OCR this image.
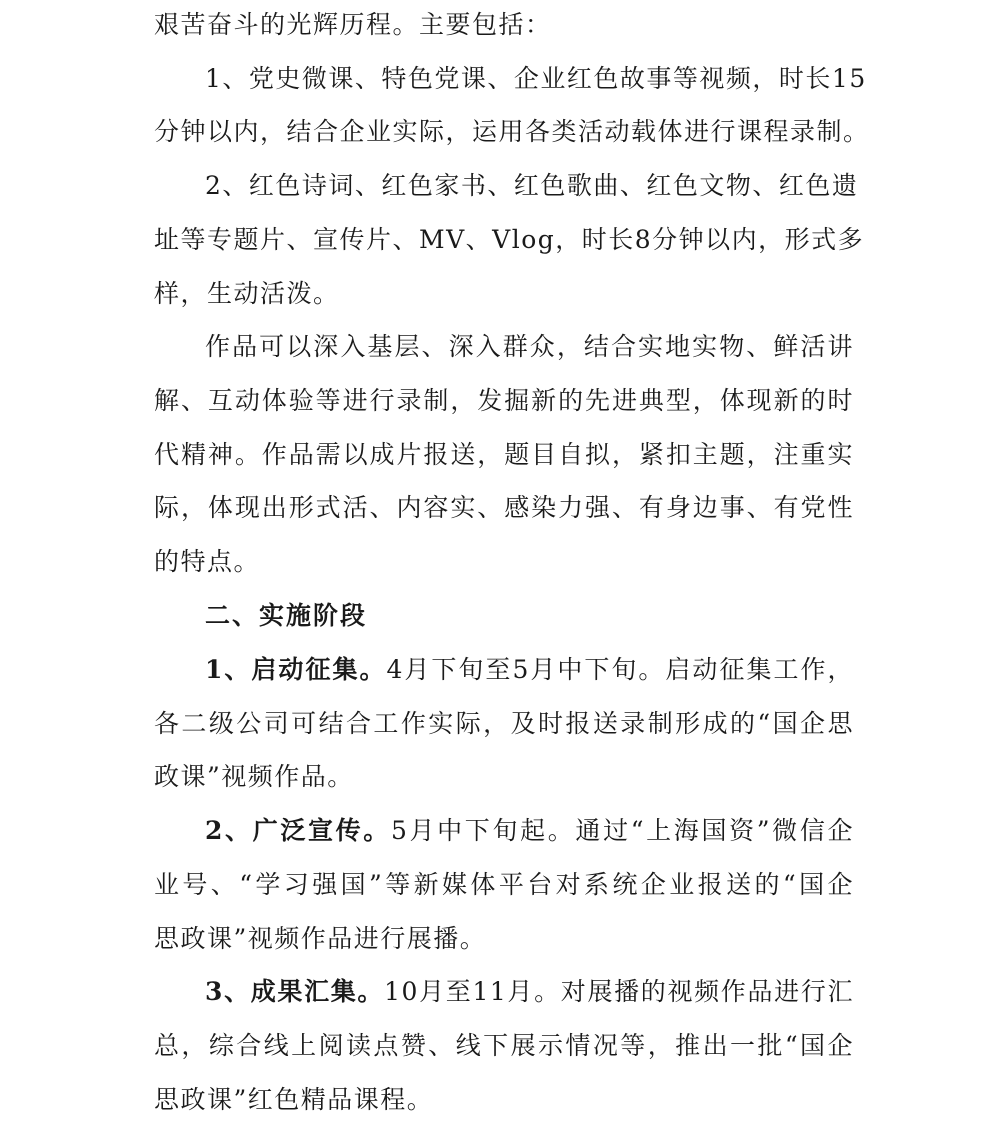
艰苦奋斗的光辉历程。主要包括：
1、党史微课、特色党课、企业红色故事等视频，时长15
分钟以内，结合企业实际，运用各类活动载体进行课程录制。
2、红色诗词、红色家书、红色歌曲、红色文物、红色遗
址等专题片、宣传片、MV、Vlog，时长8分钟以内，形式多
样，生动活泼。
作品可以深入基层、深入群众，结合实地实物、鲜活讲
解、互动体验等进行录制，发掘新的先进典型，体现新的时
代精神。作品需以成片报送，题目自拟，紧扣主题，注重实
际，体现出形式活、内容实、感染力强、有身边事、有党性
的特点。
二、实施阶段
1、启动征集。4月下旬至5月中下旬。启动征集工作，
各二级公司可结合工作实际，及时报送录制形成的“国企思
政课”视频作品。
2、广泛宣传。5月中下旬起。通过“上海国资”微信企
业号、“学习强国”等新媒体平台对系统企业报送的“国企
思政课”视频作品进行展播。
3、成果汇集。10月至11月。对展播的视频作品进行汇
总，综合线上阅读点赞、线下展示情况等，推出一批“国企
思政课”红色精品课程。
